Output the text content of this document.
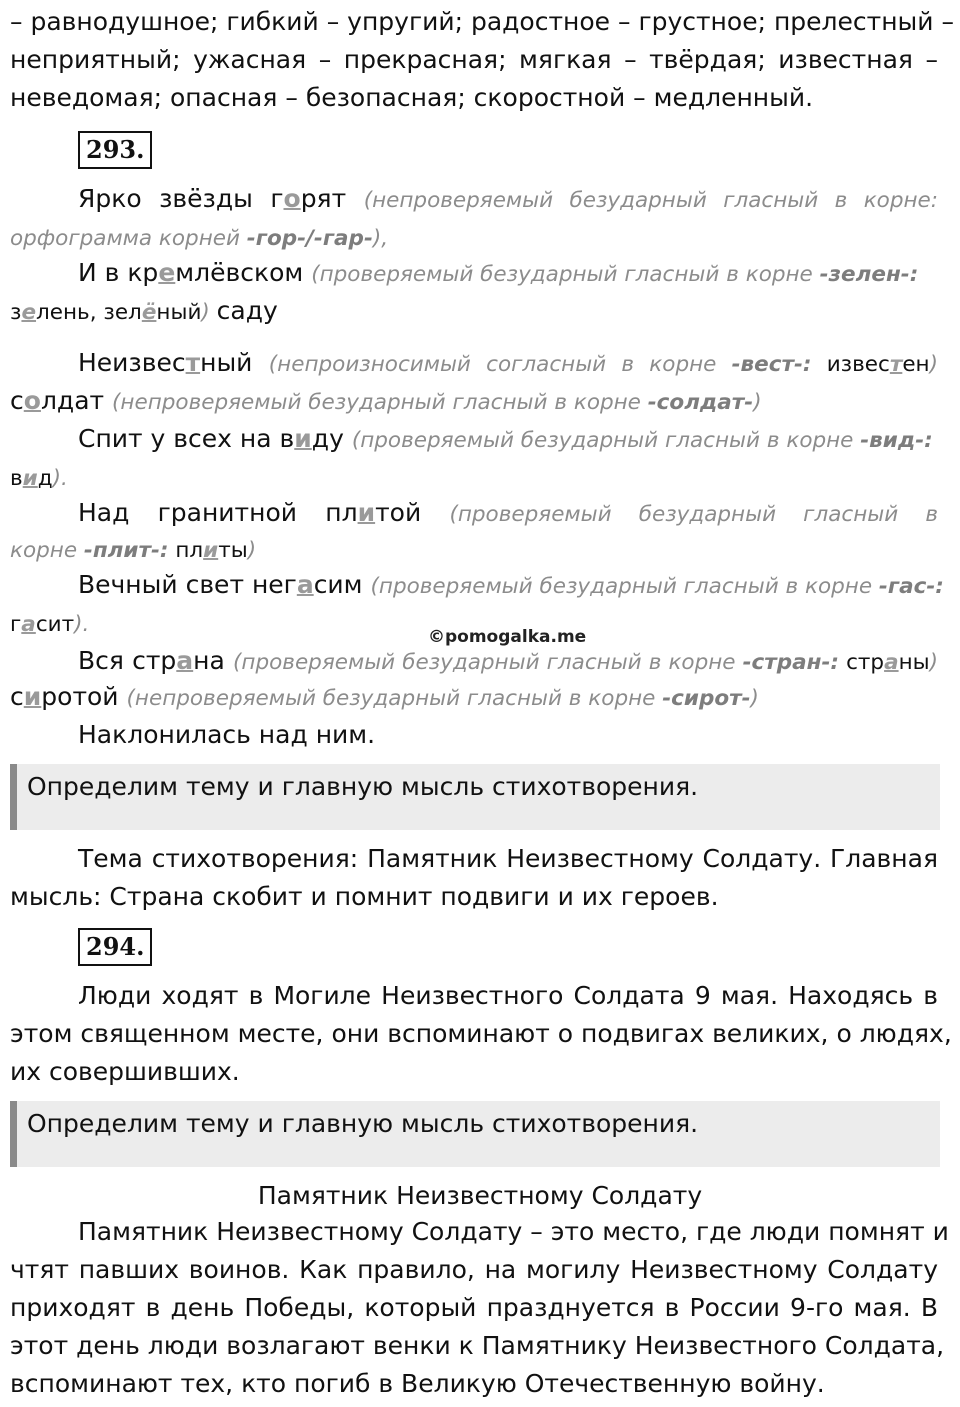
– равнодушное; гибкий – упругий; радостное – грустное; прелестный –
неприятный; ужасная – прекрасная; мягкая – твёрдая; известная –
неведомая; опасная – безопасная; скоростной – медленный.
293.
Ярко звёзды горят (непроверяемый безударный гласный в корне:
орфограмма корней -гор-/-гар-),
И в кремлёвском (проверяемый безударный гласный в корне -зелен-:
зелень, зелёный) саду
Неизвестный (непроизносимый согласный в корне -вест-: известен)
солдат (непроверяемый безударный гласный в корне -солдат-)
Спит у всех на виду (проверяемый безударный гласный в корне -вид-:
вид).
Над гранитной плитой (проверяемый безударный гласный в
корне -плит-: плиты)
Вечный свет негасим (проверяемый безударный гласный в корне -гас-:
гасит).	©pomogalka.me
Вся страна (проверяемый безударный гласный в корне -стран-: страны)
сиротой (непроверяемый безударный гласный в корне -сирот-)
Наклонилась над ним.
Определим тему и главную мысль стихотворения.
Тема стихотворения: Памятник Неизвестному Солдату. Главная
мысль: Страна скобит и помнит подвиги и их героев.
294.
Люди ходят в Могиле Неизвестного Солдата 9 мая. Находясь в
этом священном месте, они вспоминают о подвигах великих, о людях,
их совершивших.
Определим тему и главную мысль стихотворения.
Памятник Неизвестному Солдату
Памятник Неизвестному Солдату – это место, где люди помнят и
чтят павших воинов. Как правило, на могилу Неизвестному Солдату
приходят в день Победы, который празднуется в России 9-го мая. В
этот день люди возлагают венки к Памятнику Неизвестного Солдата,
вспоминают тех, кто погиб в Великую Отечественную войну.
